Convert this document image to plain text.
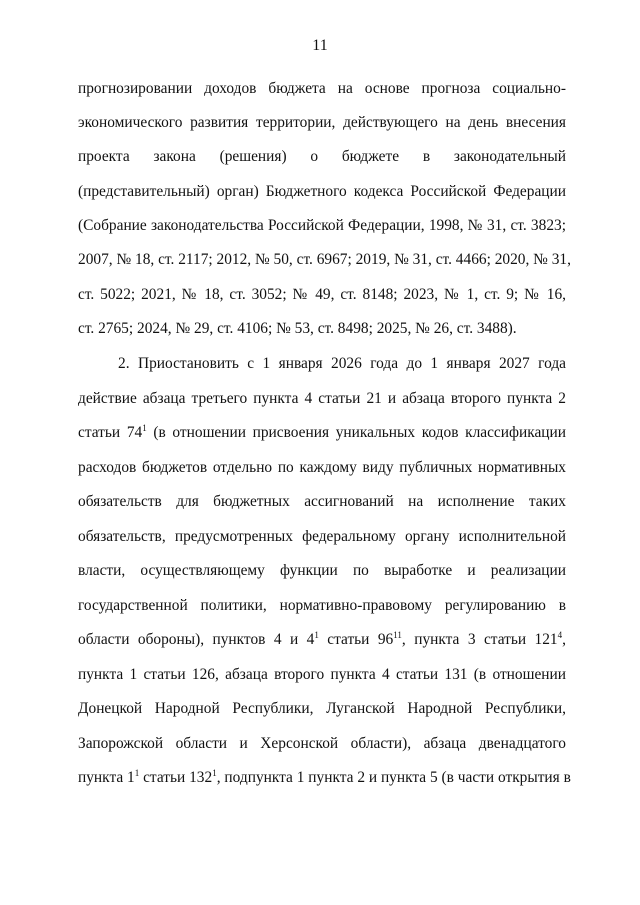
11
прогнозировании доходов бюджета на основе прогноза социально-
экономического развития территории, действующего на день внесения
проекта закона (решения) о бюджете в законодательный
(представительный) орган) Бюджетного кодекса Российской Федерации
(Собрание законодательства Российской Федерации, 1998, № 31, ст. 3823;
2007, № 18, ст. 2117; 2012, № 50, ст. 6967; 2019, № 31, ст. 4466; 2020, № 31,
ст. 5022; 2021, № 18, ст. 3052; № 49, ст. 8148; 2023, № 1, ст. 9; № 16,
ст. 2765; 2024, № 29, ст. 4106; № 53, ст. 8498; 2025, № 26, ст. 3488).
2. Приостановить с 1 января 2026 года до 1 января 2027 года
действие абзаца третьего пункта 4 статьи 21 и абзаца второго пункта 2
статьи $74^1$ (в отношении присвоения уникальных кодов классификации
расходов бюджетов отдельно по каждому виду публичных нормативных
обязательств для бюджетных ассигнований на исполнение таких
обязательств, предусмотренных федеральному органу исполнительной
власти, осуществляющему функции по выработке и реализации
государственной политики, нормативно-правовому регулированию в
области обороны), пунктов 4 и $4^1$ статьи $96^{11}$, пункта 3 статьи $121^4$,
пункта 1 статьи 126, абзаца второго пункта 4 статьи 131 (в отношении
Донецкой Народной Республики, Луганской Народной Республики,
Запорожской области и Херсонской области), абзаца двенадцатого
пункта $1^1$ статьи $132^1$, подпункта 1 пункта 2 и пункта 5 (в части открытия в
